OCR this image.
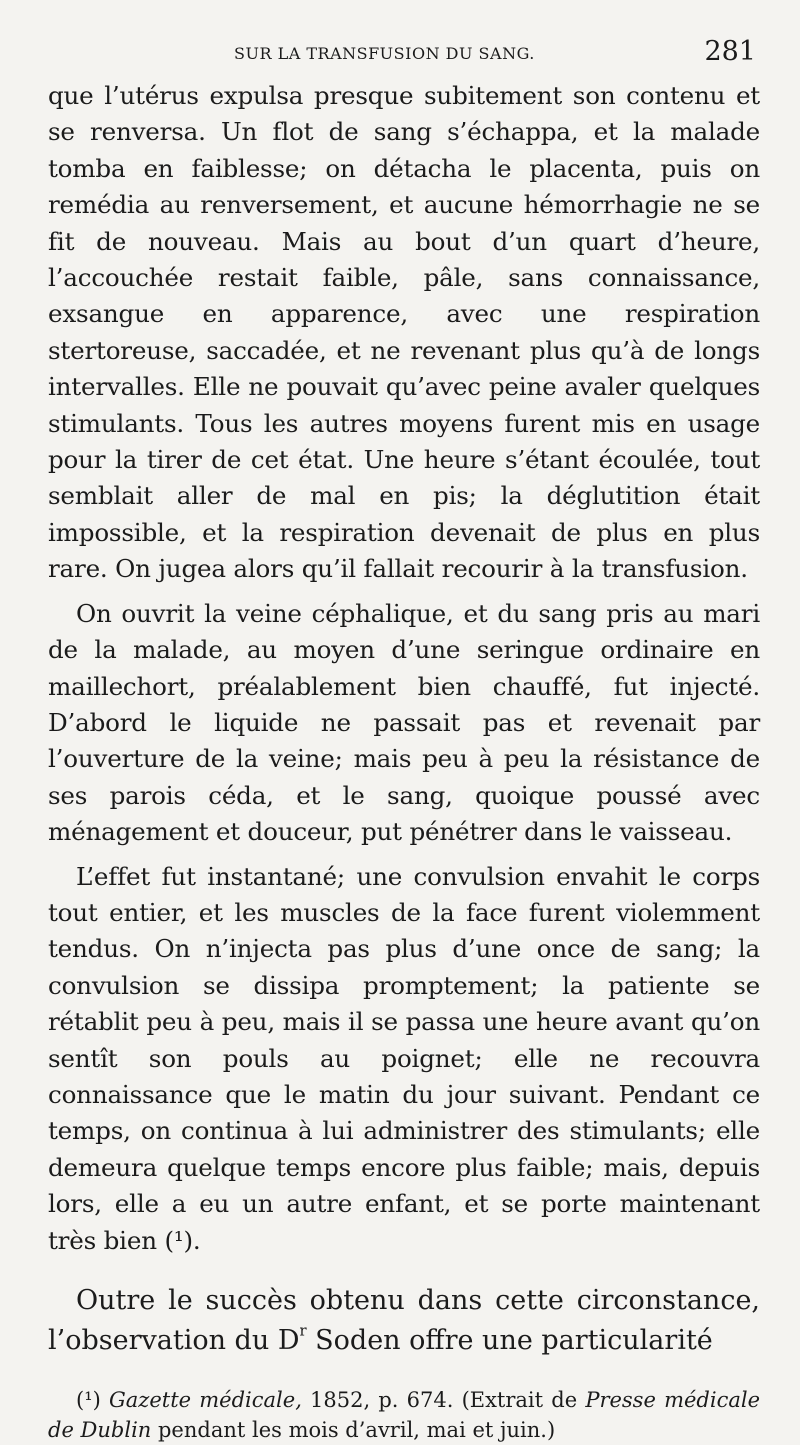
SUR LA TRANSFUSION DU SANG.	281

que l’utérus expulsa presque subitement son contenu et se renversa. Un flot de sang s’échappa, et la malade tomba en faiblesse; on détacha le placenta, puis on remédia au renversement, et aucune hémorrhagie ne se fit de nouveau. Mais au bout d’un quart d’heure, l’accouchée restait faible, pâle, sans connaissance, exsangue en apparence, avec une respiration stertoreuse, saccadée, et ne revenant plus qu’à de longs intervalles. Elle ne pouvait qu’avec peine avaler quelques stimulants. Tous les autres moyens furent mis en usage pour la tirer de cet état. Une heure s’étant écoulée, tout semblait aller de mal en pis; la déglutition était impossible, et la respiration devenait de plus en plus rare. On jugea alors qu’il fallait recourir à la transfusion.

On ouvrit la veine céphalique, et du sang pris au mari de la malade, au moyen d’une seringue ordinaire en maillechort, préalablement bien chauffé, fut injecté. D’abord le liquide ne passait pas et revenait par l’ouverture de la veine; mais peu à peu la résistance de ses parois céda, et le sang, quoique poussé avec ménagement et douceur, put pénétrer dans le vaisseau.

L’effet fut instantané; une convulsion envahit le corps tout entier, et les muscles de la face furent violemment tendus. On n’injecta pas plus d’une once de sang; la convulsion se dissipa promptement; la patiente se rétablit peu à peu, mais il se passa une heure avant qu’on sentît son pouls au poignet; elle ne recouvra connaissance que le matin du jour suivant. Pendant ce temps, on continua à lui administrer des stimulants; elle demeura quelque temps encore plus faible; mais, depuis lors, elle a eu un autre enfant, et se porte maintenant très bien (¹).

Outre le succès obtenu dans cette circonstance, l’observation du $D^r$ Soden offre une particularité

(¹) Gazette médicale, 1852, p. 674. (Extrait de Presse médicale de Dublin pendant les mois d’avril, mai et juin.)
